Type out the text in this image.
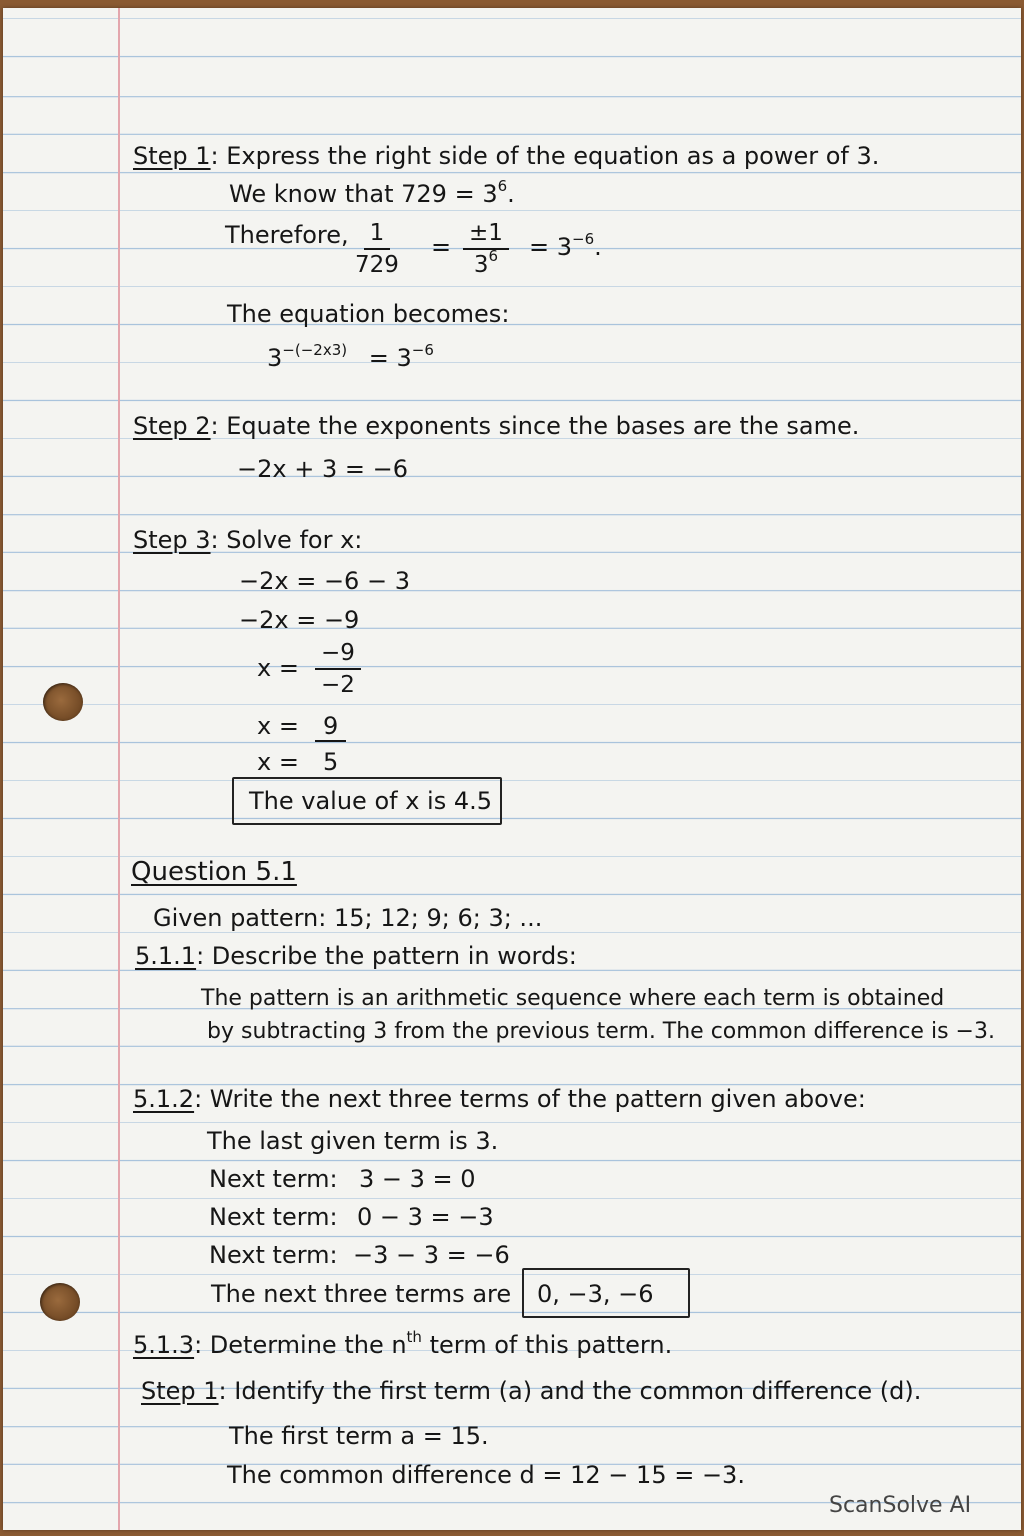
Step 1: Express the right side of the equation as a power of 3.
We know that $729 = 3^6$.
Therefore, $\frac{1}{729} = \frac{\pm 1}{3^6} = 3^{-6}$.
The equation becomes:
$3^{-(-2x3)} = 3^{-6}$
Step 2: Equate the exponents since the bases are the same.
−2x + 3 = −6
Step 3: Solve for x:
−2x = −6 − 3
−2x = −9
$x = \frac{-9}{-2}$
x =	9
x = 5
The value of x is 4.5
Question 5.1
Given pattern: 15; 12; 9; 6; 3; ...
5.1.1: Describe the pattern in words:
The pattern is an arithmetic sequence where each term is obtained
by subtracting 3 from the previous term. The common difference is −3.
5.1.2: Write the next three terms of the pattern given above:
The last given term is 3.
Next term: 3 − 3 = 0
Next term: 0 − 3 = −3
Next term: −3 − 3 = −6
The next three terms are 0, −3, −6
5.1.3: Determine the $n^{th}$ term of this pattern.
Step 1: Identify the first term (a) and the common difference (d).
The first term a = 15.
The common difference d = 12 − 15 = −3.
ScanSolve AI
